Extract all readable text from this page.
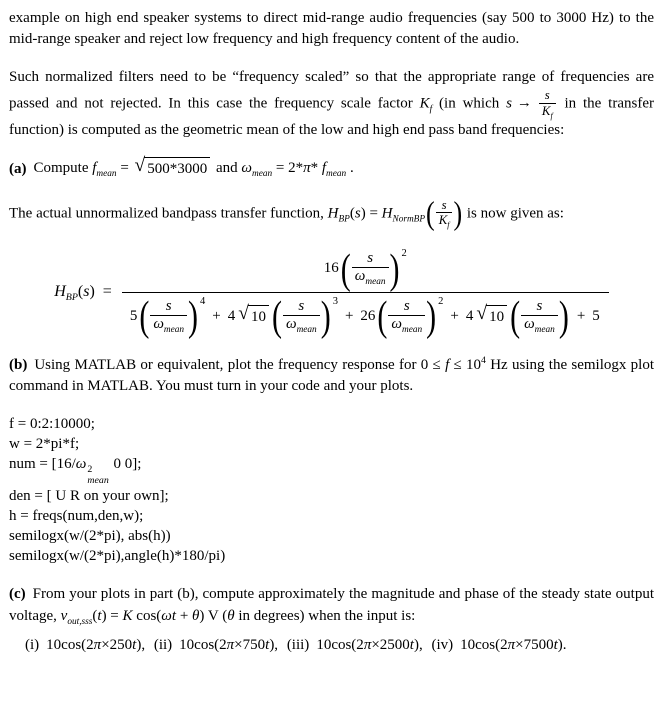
example on high end speaker systems to direct mid-range audio frequencies (say 500 to 3000 Hz) to the mid-range speaker and reject low frequency and high frequency content of the audio.

Such normalized filters need to be “frequency scaled” so that the appropriate range of frequencies are passed and not rejected. In this case the frequency scale factor $K_f$ (in which $s \to \frac{s}{K_f}$ in the transfer function) is computed as the geometric mean of the low and high end pass band frequencies:

(a) Compute $f_{mean}$ = √ 500*3000 and $\omega_{mean} = 2*\pi*$ $f_{mean}$ .

The actual unnormalized bandpass transfer function, $H_{BP}(s) = H_{NormBP}$ ( $\frac{s}{K_f}$ ) is now given as:

$H_{BP}(s)$ =
16 ( $\frac{s}{\omega_{mean}}$ ) 2
5 ( $\frac{s}{\omega_{mean}}$ ) 4
+ 4 √ 10 ( $\frac{s}{\omega_{mean}}$ ) 3
+ 26 ( $\frac{s}{\omega_{mean}}$ ) 2
+ 4 √ 10 ( $\frac{s}{\omega_{mean}}$ ) + 5

(b) Using MATLAB or equivalent, plot the frequency response for $0 \le f \le 10^4$ Hz using the semilogx plot command in MATLAB. You must turn in your code and your plots.

f = 0:2:10000;
w = 2*pi*f;
num = [16/ω 2
mean
0 0];
den = [ U R on your own];
h = freqs(num,den,w);
semilogx(w/(2*pi), abs(h))
semilogx(w/(2*pi),angle(h)*180/pi)

(c) From your plots in part (b), compute approximately the magnitude and phase of the steady state output voltage, $v_{out,sss}(t) = K$ cos(ωt + θ) V (θ in degrees) when the input is:

(i) 10cos(2π×250t), (ii) 10cos(2π×750t), (iii) 10cos(2π×2500t), (iv) 10cos(2π×7500t).
